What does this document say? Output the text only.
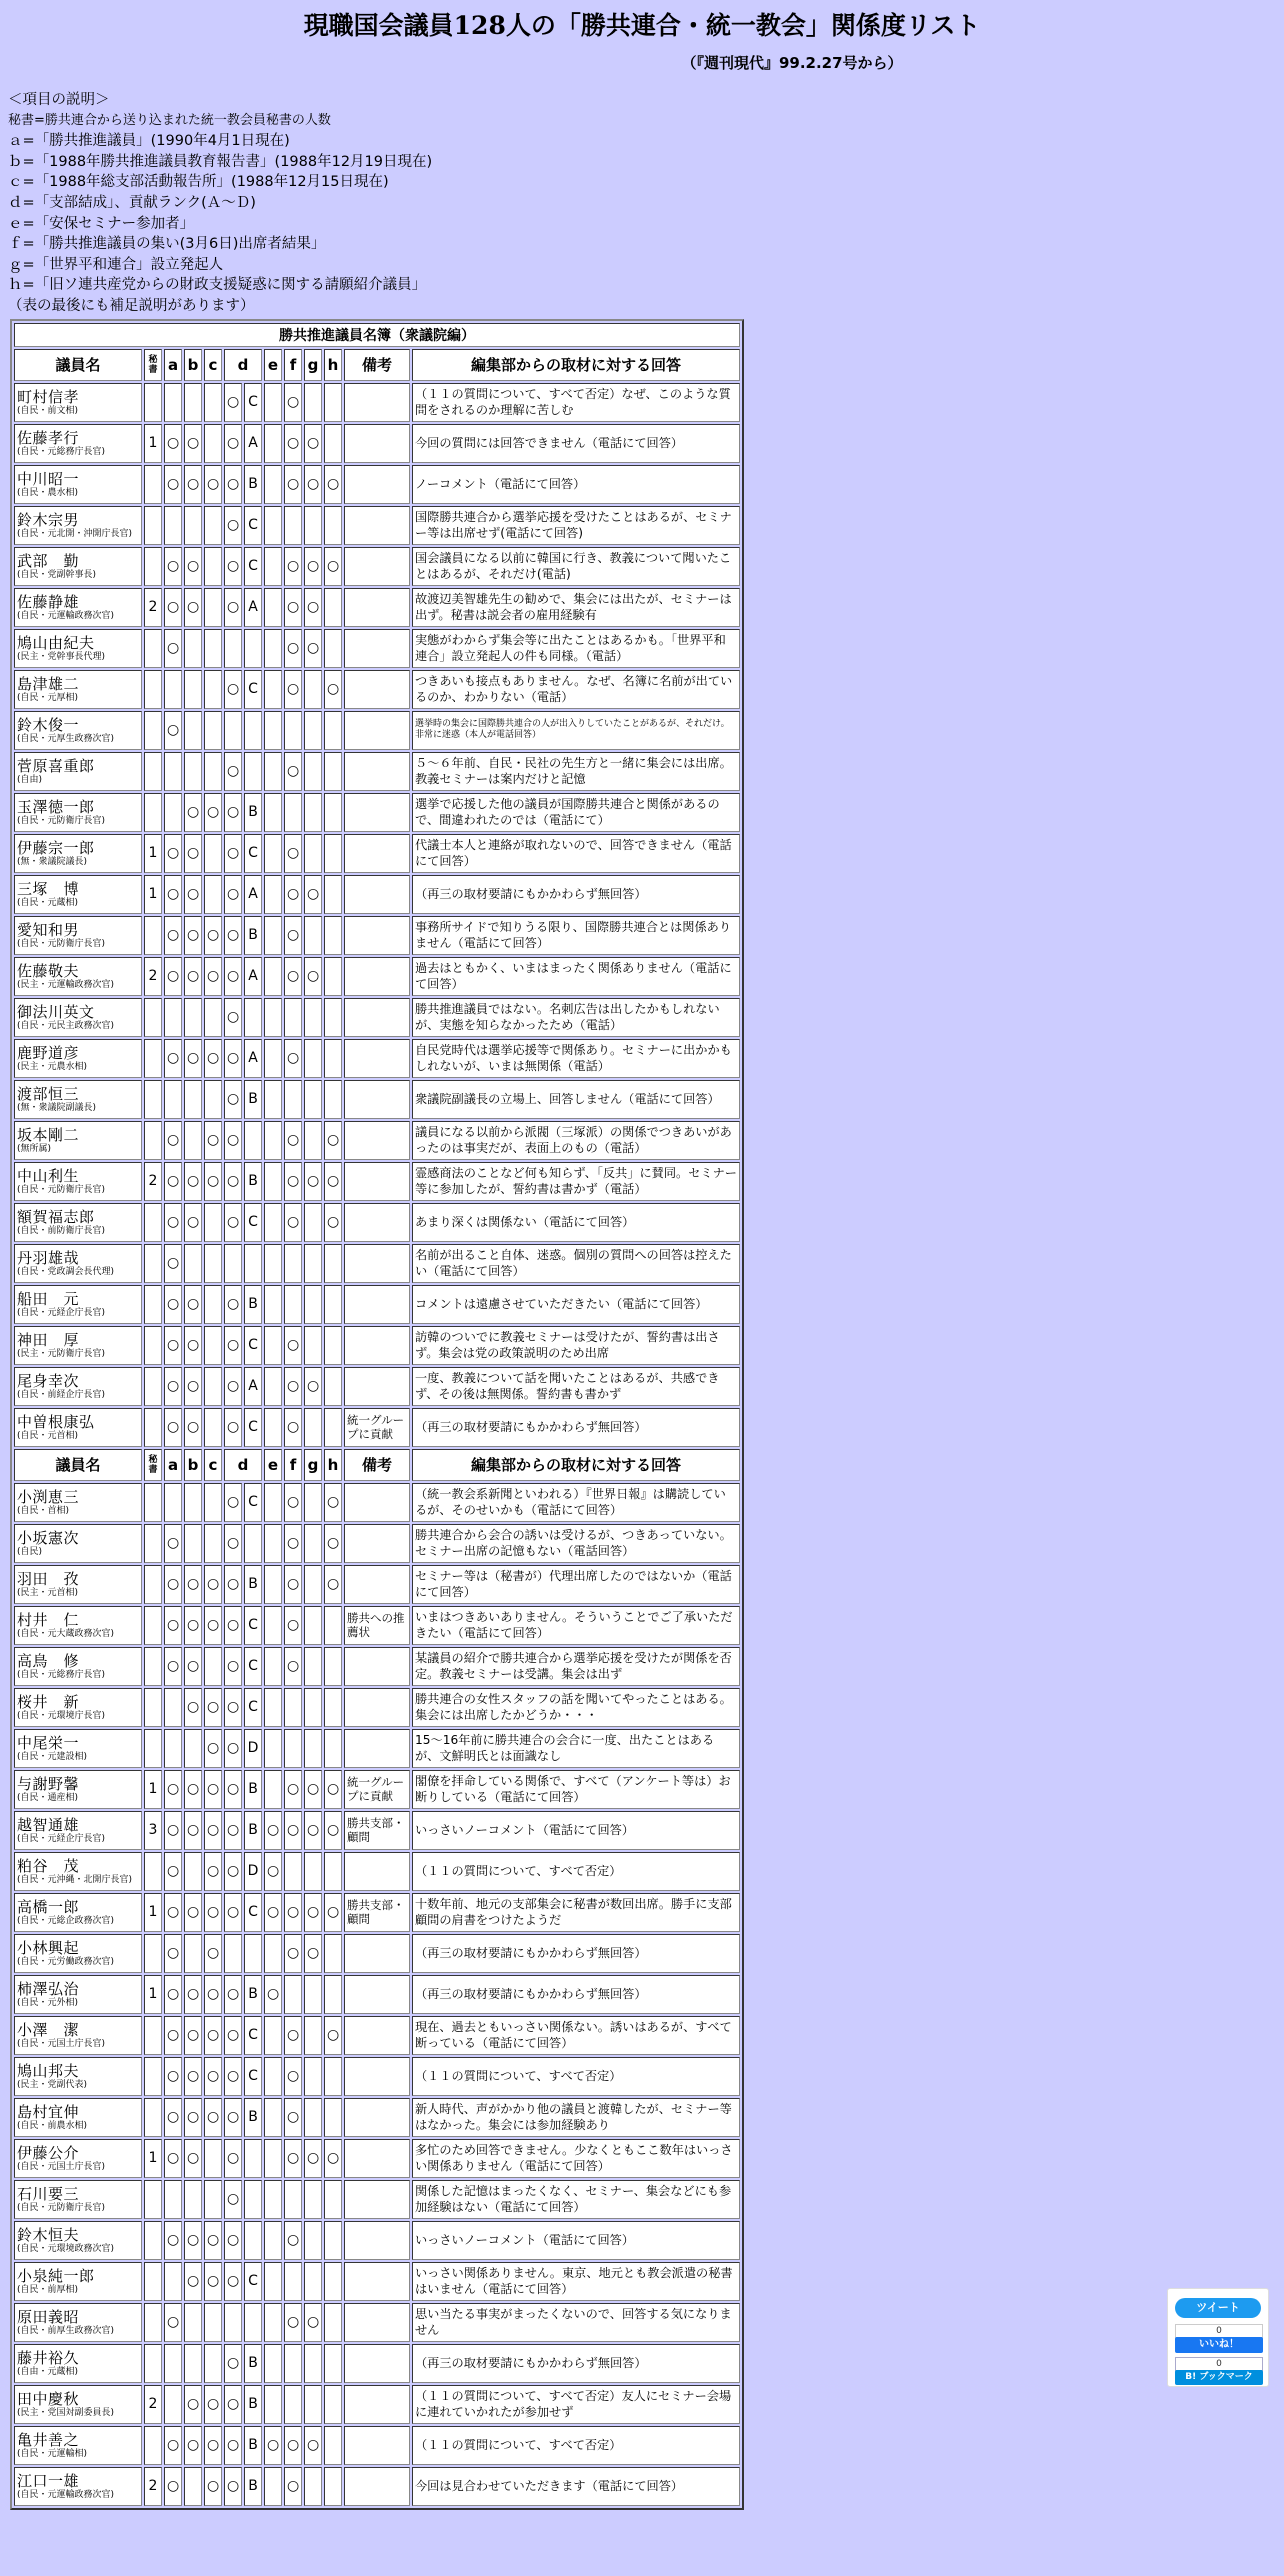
現職国会議員128人の「勝共連合・統一教会」関係度リスト
（『週刊現代』99.2.27号から）
＜項目の説明＞
秘書=勝共連合から送り込まれた統一教会員秘書の人数
ａ=「勝共推進議員」(1990年4月1日現在)
ｂ=「1988年勝共推進議員教育報告書」(1988年12月19日現在)
ｃ=「1988年総支部活動報告所」(1988年12月15日現在)
ｄ=「支部結成」、貢献ランク(Ａ～Ｄ)
ｅ=「安保セミナー参加者」
ｆ=「勝共推進議員の集い(3月6日)出席者結果」
ｇ=「世界平和連合」設立発起人
ｈ=「旧ソ連共産党からの財政支援疑惑に関する請願紹介議員」
（表の最後にも補足説明があります）
勝共推進議員名簿（衆議院編）												
議員名	秘書	a	b	c	d		e	f	g	h	備考	編集部からの取材に対する回答

町村信孝
(自民・前文相)					○	C		○				（１１の質問について、すべて否定）なぜ、このような質問をされるのか理解に苦しむ

佐藤孝行
(自民・元総務庁長官)	1	○	○		○	A		○	○			今回の質問には回答できません（電話にて回答）

中川昭一
(自民・農水相)		○	○	○	○	B		○	○	○		ノーコメント（電話にて回答）

鈴木宗男
(自民・元北開・沖開庁長官)					○	C						国際勝共連合から選挙応援を受けたことはあるが、セミナー等は出席せず(電話にて回答)

武部　勤
(自民・党副幹事長)		○	○		○	C		○	○	○		国会議員になる以前に韓国に行き、教義について聞いたことはあるが、それだけ(電話)

佐藤静雄
(自民・元運輸政務次官)	2	○	○		○	A		○	○			故渡辺美智雄先生の勧めで、集会には出たが、セミナーは出ず。秘書は説会者の雇用経験有

鳩山由紀夫
(民主・党幹事長代理)		○						○	○			実態がわからず集会等に出たことはあるかも。「世界平和連合」設立発起人の件も同様。（電話）

島津雄二
(自民・元厚相)					○	C		○		○		つきあいも接点もありません。なぜ、名簿に名前が出ているのか、わかりない（電話）

鈴木俊一
(自民・元厚生政務次官)		○										選挙時の集会に国際勝共連合の人が出入りしていたことがあるが、それだけ。非常に迷惑（本人が電話回答）

菅原喜重郎
(自由)					○			○				５～６年前、自民・民社の先生方と一緒に集会には出席。教義セミナーは案内だけと記憶

玉澤徳一郎
(自民・元防衛庁長官)			○	○	○	B						選挙で応援した他の議員が国際勝共連合と関係があるので、間違われたのでは（電話にて）

伊藤宗一郎
(無・衆議院議長)	1	○	○		○	C		○				代議士本人と連絡が取れないので、回答できません（電話にて回答）

三塚　博
(自民・元蔵相)	1	○	○		○	A		○	○			（再三の取材要請にもかかわらず無回答）

愛知和男
(自民・元防衛庁長官)		○	○	○	○	B		○				事務所サイドで知りうる限り、国際勝共連合とは関係ありません（電話にて回答）

佐藤敬夫
(民主・元運輸政務次官)	2	○	○	○	○	A		○	○			過去はともかく、いまはまったく関係ありません（電話にて回答）

御法川英文
(自民・元民主政務次官)					○							勝共推進議員ではない。名刺広告は出したかもしれないが、実態を知らなかったため（電話）

鹿野道彦
(民主・元農水相)		○	○	○	○	A		○				自民党時代は選挙応援等で関係あり。セミナーに出かかもしれないが、いまは無関係（電話）

渡部恒三
(無・衆議院副議長)					○	B						衆議院副議長の立場上、回答しません（電話にて回答）

坂本剛二
(無所属)		○		○	○			○		○		議員になる以前から派閥（三塚派）の関係でつきあいがあったのは事実だが、表面上のもの（電話）

中山利生
(自民・元防衛庁長官)	2	○	○	○	○	B		○	○	○		霊感商法のことなど何も知らず、「反共」に賛同。セミナー等に参加したが、誓約書は書かず（電話）

額賀福志郎
(自民・前防衛庁長官)		○	○		○	C		○		○		あまり深くは関係ない（電話にて回答）

丹羽雄哉
(自民・党政調会長代理)		○										名前が出ること自体、迷惑。個別の質問への回答は控えたい（電話にて回答）

船田　元
(自民・元経企庁長官)		○	○		○	B						コメントは遠慮させていただきたい（電話にて回答）

神田　厚
(民主・元防衛庁長官)		○	○		○	C		○				訪韓のついでに教義セミナーは受けたが、誓約書は出さず。集会は党の政策説明のため出席

尾身幸次
(自民・前経企庁長官)		○	○		○	A		○	○			一度、教義について話を聞いたことはあるが、共感できず、その後は無関係。誓約書も書かず

中曽根康弘
(自民・元首相)		○	○		○	C		○			統一グループに貢献	（再三の取材要請にもかかわらず無回答）
議員名	秘書	a	b	c	d		e	f	g	h	備考	編集部からの取材に対する回答

小渕恵三
(自民・首相)					○	C		○		○		（統一教会系新聞といわれる）『世界日報』は購読しているが、そのせいかも（電話にて回答）

小坂憲次
(自民)		○			○			○		○		勝共連合から会合の誘いは受けるが、つきあっていない。セミナー出席の記憶もない（電話回答）

羽田　孜
(民主・元首相)		○	○	○	○	B		○		○		セミナー等は（秘書が）代理出席したのではないか（電話にて回答）

村井　仁
(自民・元大蔵政務次官)		○	○	○	○	C		○			勝共への推薦状	いまはつきあいありません。そういうことでご了承いただきたい（電話にて回答）

高鳥　修
(自民・元総務庁長官)		○	○		○	C		○				某議員の紹介で勝共連合から選挙応援を受けたが関係を否定。教義セミナーは受講。集会は出ず

桜井　新
(自民・元環境庁長官)			○	○	○	C						勝共連合の女性スタッフの話を聞いてやったことはある。集会には出席したかどうか・・・

中尾栄一
(自民・元建設相)				○	○	D						15～16年前に勝共連合の会合に一度、出たことはあるが、文鮮明氏とは面識なし

与謝野馨
(自民・通産相)	1	○	○	○	○	B		○	○	○	統一グループに貢献	閣僚を拝命している関係で、すべて（アンケート等は）お断りしている（電話にて回答）

越智通雄
(自民・元経企庁長官)	3	○	○	○	○	B	○	○	○	○	勝共支部・顧問	いっさいノーコメント（電話にて回答）

粕谷　茂
(自民・元沖縄・北開庁長官)		○		○	○	D	○					（１１の質問について、すべて否定）

高橋一郎
(自民・元総企政務次官)	1	○	○	○	○	C	○	○	○	○	勝共支部・顧問	十数年前、地元の支部集会に秘書が数回出席。勝手に支部顧問の肩書をつけたようだ

小林興起
(自民・元労働政務次官)		○		○				○	○			（再三の取材要請にもかかわらず無回答）

柿澤弘治
(自民・元外相)	1	○	○	○	○	B	○					（再三の取材要請にもかかわらず無回答）

小澤　潔
(自民・元国土庁長官)		○	○	○	○	C		○		○		現在、過去ともいっさい関係ない。誘いはあるが、すべて断っている（電話にて回答）

鳩山邦夫
(民主・党副代表)		○	○	○	○	C		○				（１１の質問について、すべて否定）

島村宜伸
(自民・前農水相)		○	○	○	○	B		○				新人時代、声がかかり他の議員と渡韓したが、セミナー等はなかった。集会には参加経験あり

伊藤公介
(自民・元国土庁長官)	1	○	○		○			○	○	○		多忙のため回答できません。少なくともここ数年はいっさい関係ありません（電話にて回答）

石川要三
(自民・元防衛庁長官)					○							関係した記憶はまったくなく、セミナー、集会などにも参加経験はない（電話にて回答）

鈴木恒夫
(自民・元環境政務次官)		○	○	○	○			○				いっさいノーコメント（電話にて回答）

小泉純一郎
(自民・前厚相)			○	○	○	C						いっさい関係ありません。東京、地元とも教会派遣の秘書はいません（電話にて回答）

原田義昭
(自民・前厚生政務次官)		○						○	○			思い当たる事実がまったくないので、回答する気になりません

藤井裕久
(自由・元蔵相)					○	B						（再三の取材要請にもかかわらず無回答）

田中慶秋
(民主・党国対副委員長)	2		○	○	○	B						（１１の質問について、すべて否定）友人にセミナー会場に連れていかれたが参加せず

亀井善之
(自民・元運輸相)		○	○	○	○	B	○	○	○			（１１の質問について、すべて否定）

江口一雄
(自民・元運輸政務次官)	2	○		○	○	B		○				今回は見合わせていただきます（電話にて回答）
ツイート
0
いいね！
0
B! ブックマーク
